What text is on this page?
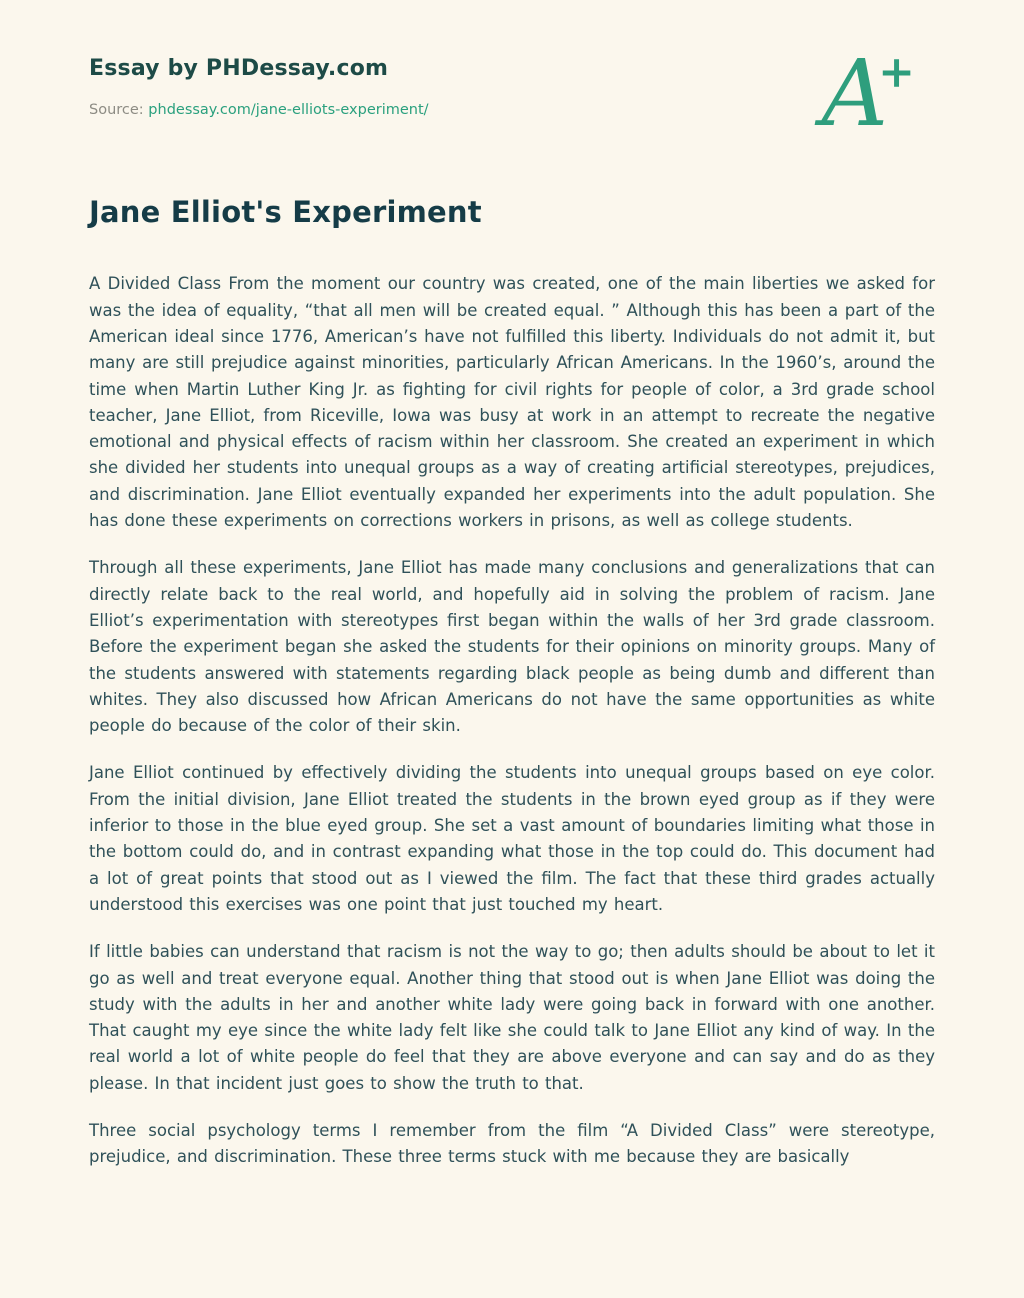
Essay by PHDessay.com
Source: phdessay.com/jane-elliots-experiment/	A+
Jane Elliot's Experiment

A Divided Class From the moment our country was created, one of the main liberties we asked for was the idea of equality, “that all men will be created equal. ” Although this has been a part of the American ideal since 1776, American’s have not fulfilled this liberty. Individuals do not admit it, but many are still prejudice against minorities, particularly African Americans. In the 1960’s, around the time when Martin Luther King Jr. as fighting for civil rights for people of color, a 3rd grade school teacher, Jane Elliot, from Riceville, Iowa was busy at work in an attempt to recreate the negative emotional and physical effects of racism within her classroom. She created an experiment in which she divided her students into unequal groups as a way of creating artificial stereotypes, prejudices, and discrimination. Jane Elliot eventually expanded her experiments into the adult population. She has done these experiments on corrections workers in prisons, as well as college students.

Through all these experiments, Jane Elliot has made many conclusions and generalizations that can directly relate back to the real world, and hopefully aid in solving the problem of racism. Jane Elliot’s experimentation with stereotypes first began within the walls of her 3rd grade classroom. Before the experiment began she asked the students for their opinions on minority groups. Many of the students answered with statements regarding black people as being dumb and different than whites. They also discussed how African Americans do not have the same opportunities as white people do because of the color of their skin.

Jane Elliot continued by effectively dividing the students into unequal groups based on eye color. From the initial division, Jane Elliot treated the students in the brown eyed group as if they were inferior to those in the blue eyed group. She set a vast amount of boundaries limiting what those in the bottom could do, and in contrast expanding what those in the top could do. This document had a lot of great points that stood out as I viewed the film. The fact that these third grades actually understood this exercises was one point that just touched my heart.

If little babies can understand that racism is not the way to go; then adults should be about to let it go as well and treat everyone equal. Another thing that stood out is when Jane Elliot was doing the study with the adults in her and another white lady were going back in forward with one another. That caught my eye since the white lady felt like she could talk to Jane Elliot any kind of way. In the real world a lot of white people do feel that they are above everyone and can say and do as they please. In that incident just goes to show the truth to that.

Three social psychology terms I remember from the film “A Divided Class” were stereotype, prejudice, and discrimination. These three terms stuck with me because they are basically
